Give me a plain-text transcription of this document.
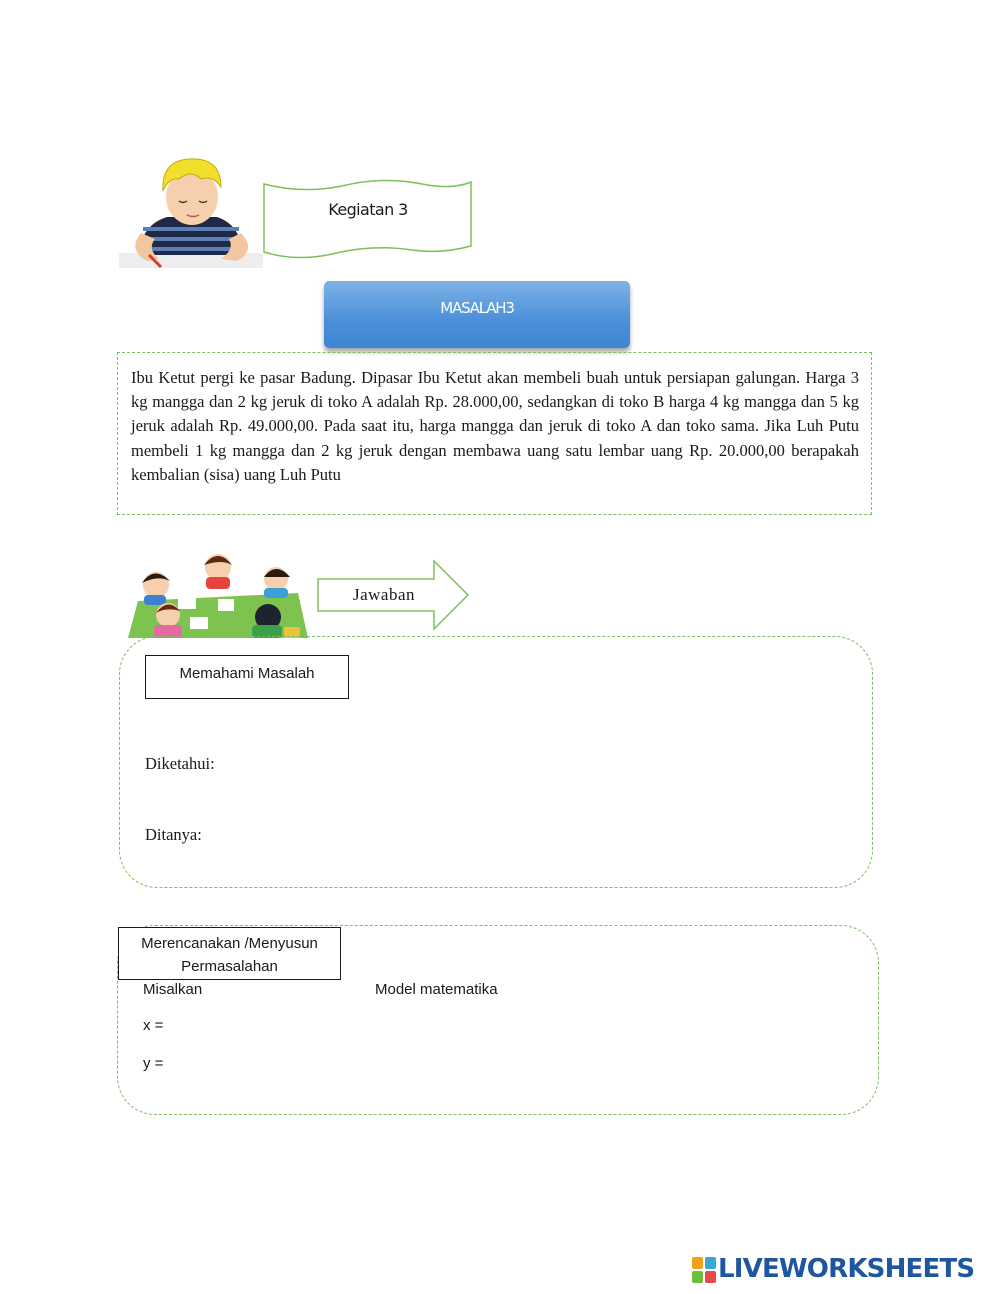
Kegiatan 3
MASALAH3
Ibu Ketut pergi ke pasar Badung. Dipasar Ibu Ketut akan membeli buah untuk persiapan galungan. Harga 3 kg mangga dan 2 kg jeruk di toko A adalah Rp. 28.000,00, sedangkan di toko B harga 4 kg mangga dan 5 kg jeruk adalah Rp. 49.000,00. Pada saat itu, harga mangga dan jeruk di toko A dan toko sama. Jika Luh Putu membeli 1 kg mangga dan 2 kg jeruk dengan membawa uang satu lembar uang Rp. 20.000,00 berapakah kembalian (sisa) uang Luh Putu
Jawaban
Memahami Masalah
Diketahui:
Ditanya:
Merencanakan /Menyusun
Permasalahan
Misalkan	Model matematika
x =
y =
LIVEWORKSHEETS
